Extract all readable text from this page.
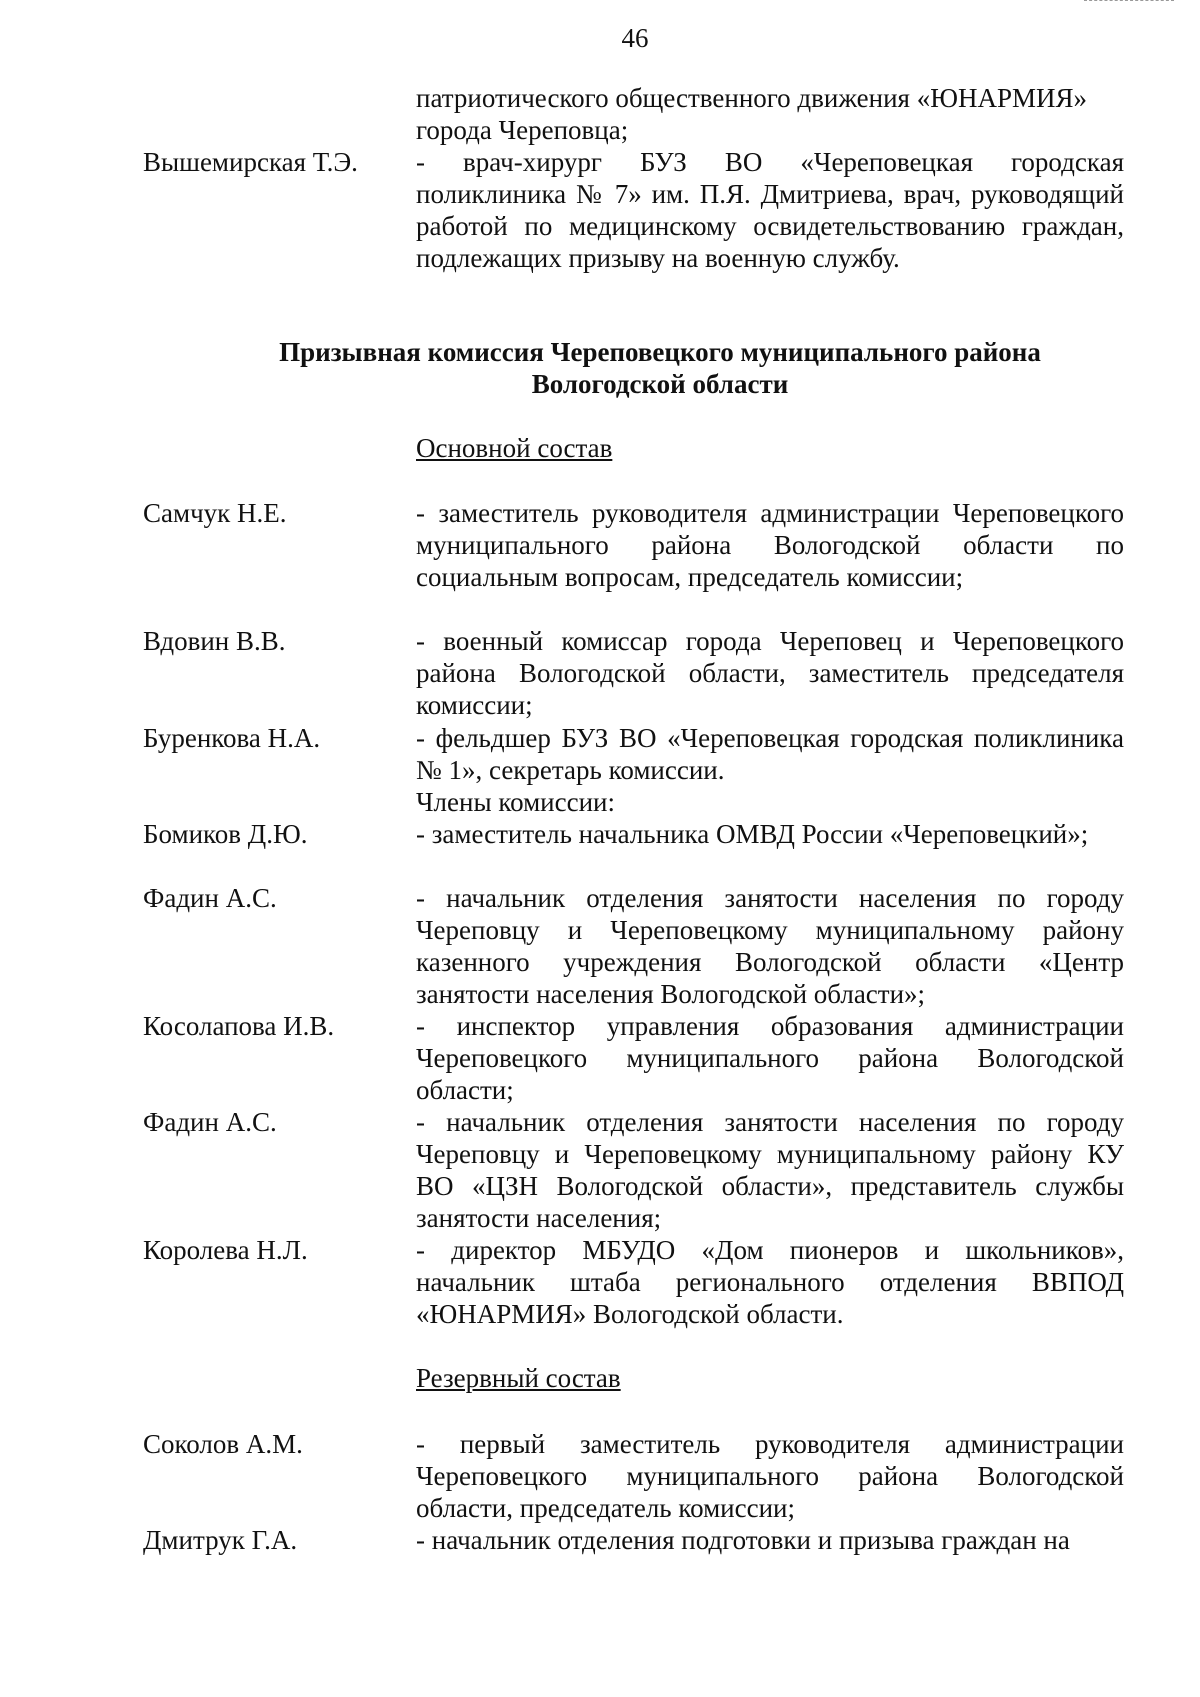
46
патриотического общественного движения «ЮНАРМИЯ»
города Череповца;
Вышемирская Т.Э.	- врач-хирург БУЗ ВО «Череповецкая городская поликлиника № 7» им. П.Я. Дмитриева, врач, руководящий работой по медицинскому освидетельствованию граждан, подлежащих призыву на военную службу.
Призывная комиссия Череповецкого муниципального района
Вологодской области
Основной состав
Самчук Н.Е.	- заместитель руководителя администрации Череповецкого муниципального района Вологодской области по социальным вопросам, председатель комиссии;
Вдовин В.В.	- военный комиссар города Череповец и Череповецкого района Вологодской области, заместитель председателя комиссии;
Буренкова Н.А.	- фельдшер БУЗ ВО «Череповецкая городская поликлиника № 1», секретарь комиссии.
Члены комиссии:
Бомиков Д.Ю.	- заместитель начальника ОМВД России «Череповецкий»;
Фадин А.С.	- начальник отделения занятости населения по городу Череповцу и Череповецкому муниципальному району казенного учреждения Вологодской области «Центр занятости населения Вологодской области»;
Косолапова И.В.	- инспектор управления образования администрации Череповецкого муниципального района Вологодской области;
Фадин А.С.	- начальник отделения занятости населения по городу Череповцу и Череповецкому муниципальному району КУ ВО «ЦЗН Вологодской области», представитель службы занятости населения;
Королева Н.Л.	- директор МБУДО «Дом пионеров и школьников», начальник штаба регионального отделения ВВПОД «ЮНАРМИЯ» Вологодской области.
Резервный состав
Соколов А.М.	- первый заместитель руководителя администрации Череповецкого муниципального района Вологодской области, председатель комиссии;
Дмитрук Г.А.	- начальник отделения подготовки и призыва граждан на
